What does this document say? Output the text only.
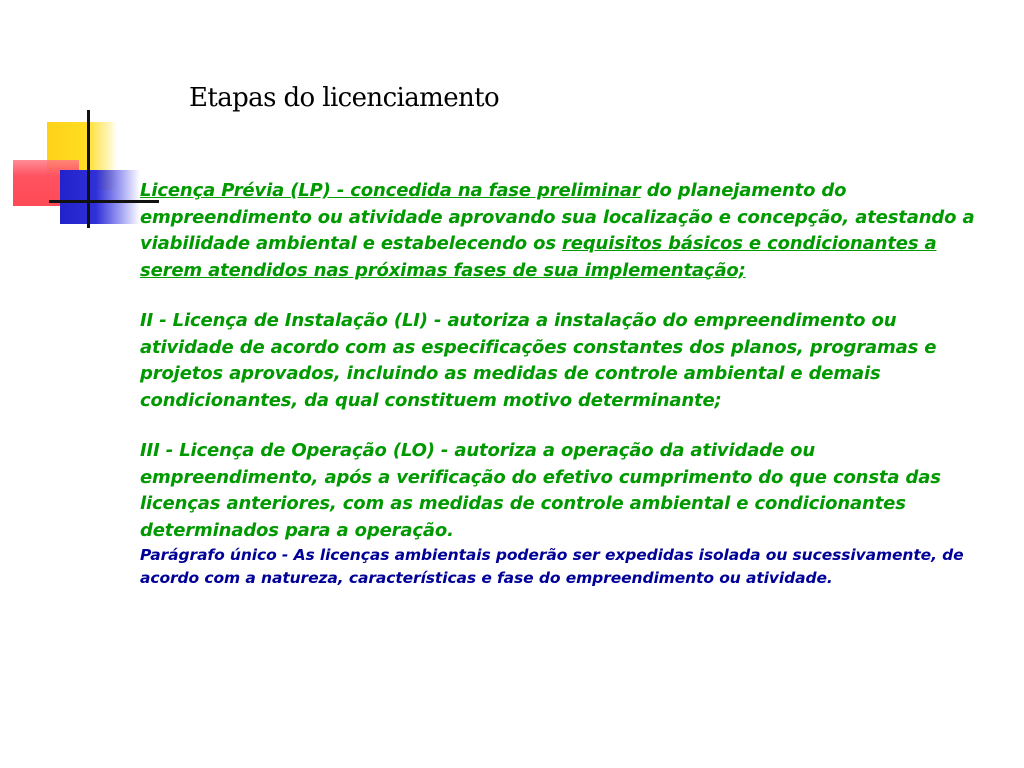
Etapas do licenciamento

Licença Prévia (LP) - concedida na fase preliminar do planejamento do empreendimento ou atividade aprovando sua localização e concepção, atestando a viabilidade ambiental e estabelecendo os requisitos básicos e condicionantes a serem atendidos nas próximas fases de sua implementação;

II - Licença de Instalação (LI) - autoriza a instalação do empreendimento ou atividade de acordo com as especificações constantes dos planos, programas e projetos aprovados, incluindo as medidas de controle ambiental e demais condicionantes, da qual constituem motivo determinante;

III - Licença de Operação (LO) - autoriza a operação da atividade ou empreendimento, após a verificação do efetivo cumprimento do que consta das licenças anteriores, com as medidas de controle ambiental e condicionantes determinados para a operação.

Parágrafo único - As licenças ambientais poderão ser expedidas isolada ou sucessivamente, de acordo com a natureza, características e fase do empreendimento ou atividade.
